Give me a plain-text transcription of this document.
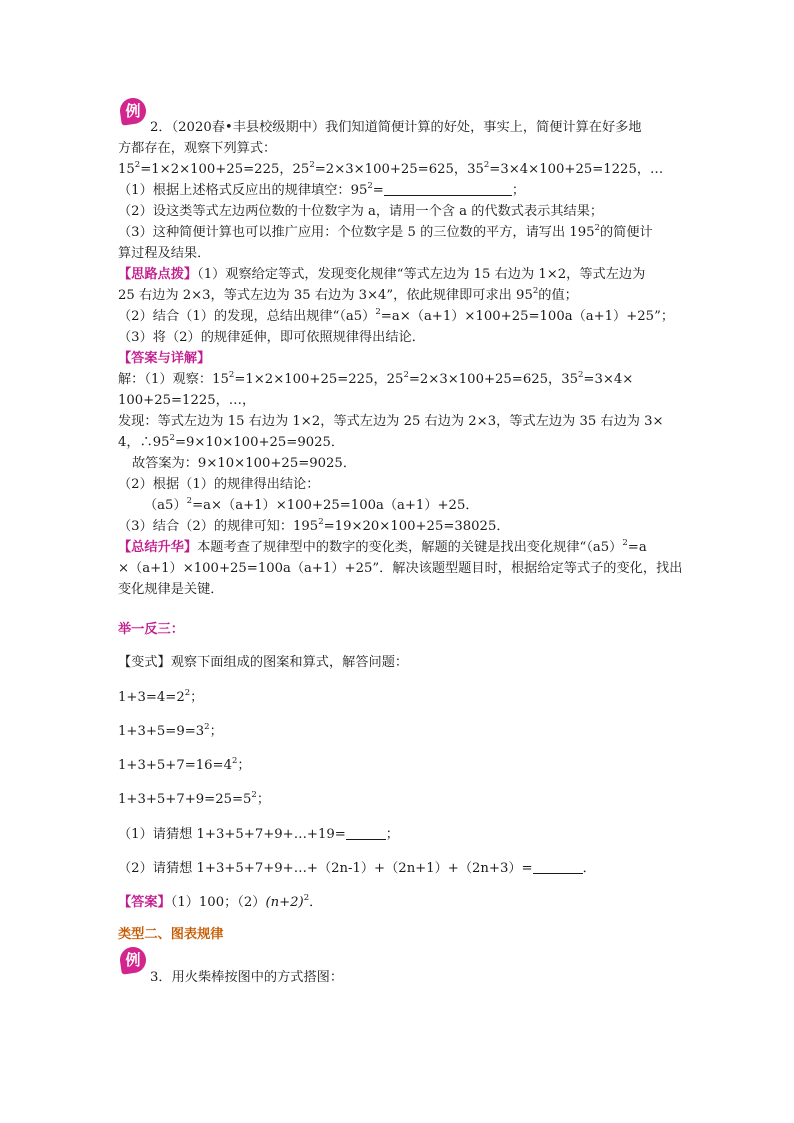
例
2．（2020春•丰县校级期中）我们知道简便计算的好处，事实上，简便计算在好多地
方都存在，观察下列算式：
$15^2=1\times 2\times 100+25=225$，$25^2=2\times 3\times 100+25=625$，$35^2=3\times 4\times 100+25=1225$，…
（1）根据上述格式反应出的规律填空：$95^2=$	；
（2）设这类等式左边两位数的十位数字为 a，请用一个含 a 的代数式表示其结果；
（3）这种简便计算也可以推广应用：个位数字是 5 的三位数的平方，请写出 $195^2$的简便计
算过程及结果．
【思路点拨】（1）观察给定等式，发现变化规律“等式左边为 15 右边为 1×2，等式左边为
25 右边为 2×3，等式左边为 35 右边为 3×4”，依此规律即可求出 $95^2$的值；
（2）结合（1）的发现，总结出规律“$(a5)^2=a\times(a+1)\times 100+25=100a(a+1)+25$”；
（3）将（2）的规律延伸，即可依照规律得出结论．
【答案与详解】
解：（1）观察：$15^2=1\times 2\times 100+25=225$，$25^2=2\times 3\times 100+25=625$，$35^2=3\times 4\times$
100+25=1225，…，
发现：等式左边为 15 右边为 1×2，等式左边为 25 右边为 2×3，等式左边为 35 右边为 3×
4，$\therefore 95^2=9\times 10\times 100+25=9025$．
故答案为：9×10×100+25=9025．
（2）根据（1）的规律得出结论：
$(a5)^2=a\times(a+1)\times 100+25=100a(a+1)+25$．
（3）结合（2）的规律可知：$195^2=19\times 20\times 100+25=38025$．
【总结升华】本题考查了规律型中的数字的变化类，解题的关键是找出变化规律“$(a5)^2=a$
×（a+1）×100+25=100a（a+1）+25”．解决该题型题目时，根据给定等式子的变化，找出
变化规律是关键．
举一反三：
【变式】观察下面组成的图案和算式，解答问题：
$1+3=4=2^2$；
$1+3+5=9=3^2$；
$1+3+5+7=16=4^2$；
$1+3+5+7+9=25=5^2$；
（1）请猜想 1+3+5+7+9+…+19=	；
（2）请猜想 1+3+5+7+9+…+（2n-1）+（2n+1）+（2n+3）=	．
【答案】（1）100；$(2)(n+2)^2$．
类型二、图表规律
例
3．用火柴棒按图中的方式搭图：
